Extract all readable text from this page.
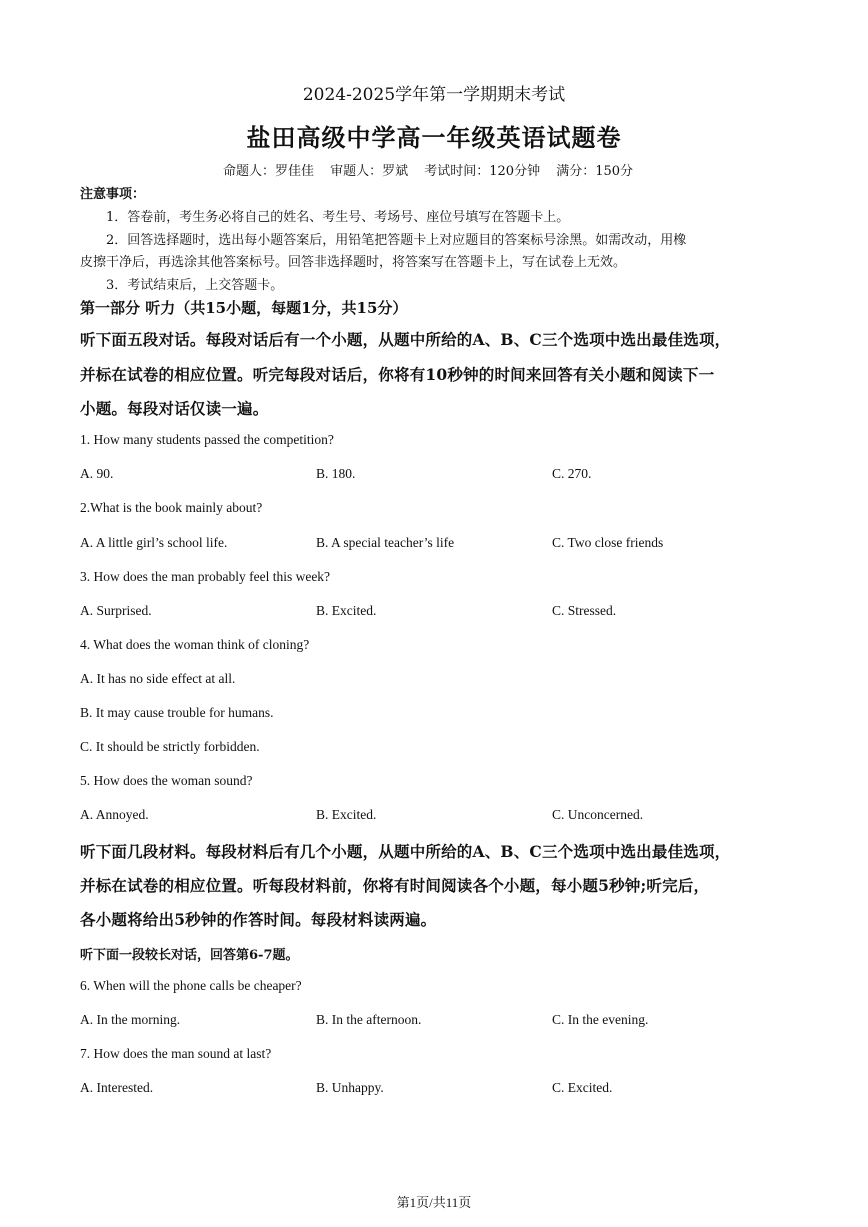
2024-2025学年第一学期期末考试
盐田高级中学高一年级英语试题卷
命题人：罗佳佳 审题人：罗斌 考试时间：120分钟 满分：150分
注意事项：
1．答卷前，考生务必将自己的姓名、考生号、考场号、座位号填写在答题卡上。
2．回答选择题时，选出每小题答案后，用铅笔把答题卡上对应题目的答案标号涂黑。如需改动，用橡
皮擦干净后，再选涂其他答案标号。回答非选择题时，将答案写在答题卡上，写在试卷上无效。
3．考试结束后，上交答题卡。
第一部分 听力（共15小题，每题1分，共15分）
听下面五段对话。每段对话后有一个小题，从题中所给的A、B、C三个选项中选出最佳选项，
并标在试卷的相应位置。听完每段对话后，你将有10秒钟的时间来回答有关小题和阅读下一
小题。每段对话仅读一遍。
1. How many students passed the competition?
A. 90.	B. 180.	C. 270.
2.What is the book mainly about?
A. A little girl’s school life.	B. A special teacher’s life	C. Two close friends
3. How does the man probably feel this week?
A. Surprised.	B. Excited.	C. Stressed.
4. What does the woman think of cloning?
A. It has no side effect at all.
B. It may cause trouble for humans.
C. It should be strictly forbidden.
5. How does the woman sound?
A. Annoyed.	B. Excited.	C. Unconcerned.
听下面几段材料。每段材料后有几个小题，从题中所给的A、B、C三个选项中选出最佳选项，
并标在试卷的相应位置。听每段材料前，你将有时间阅读各个小题，每小题5秒钟;听完后，
各小题将给出5秒钟的作答时间。每段材料读两遍。
听下面一段较长对话，回答第6-7题。
6. When will the phone calls be cheaper?
A. In the morning.	B. In the afternoon.	C. In the evening.
7. How does the man sound at last?
A. Interested.	B. Unhappy.	C. Excited.
第1页/共11页
